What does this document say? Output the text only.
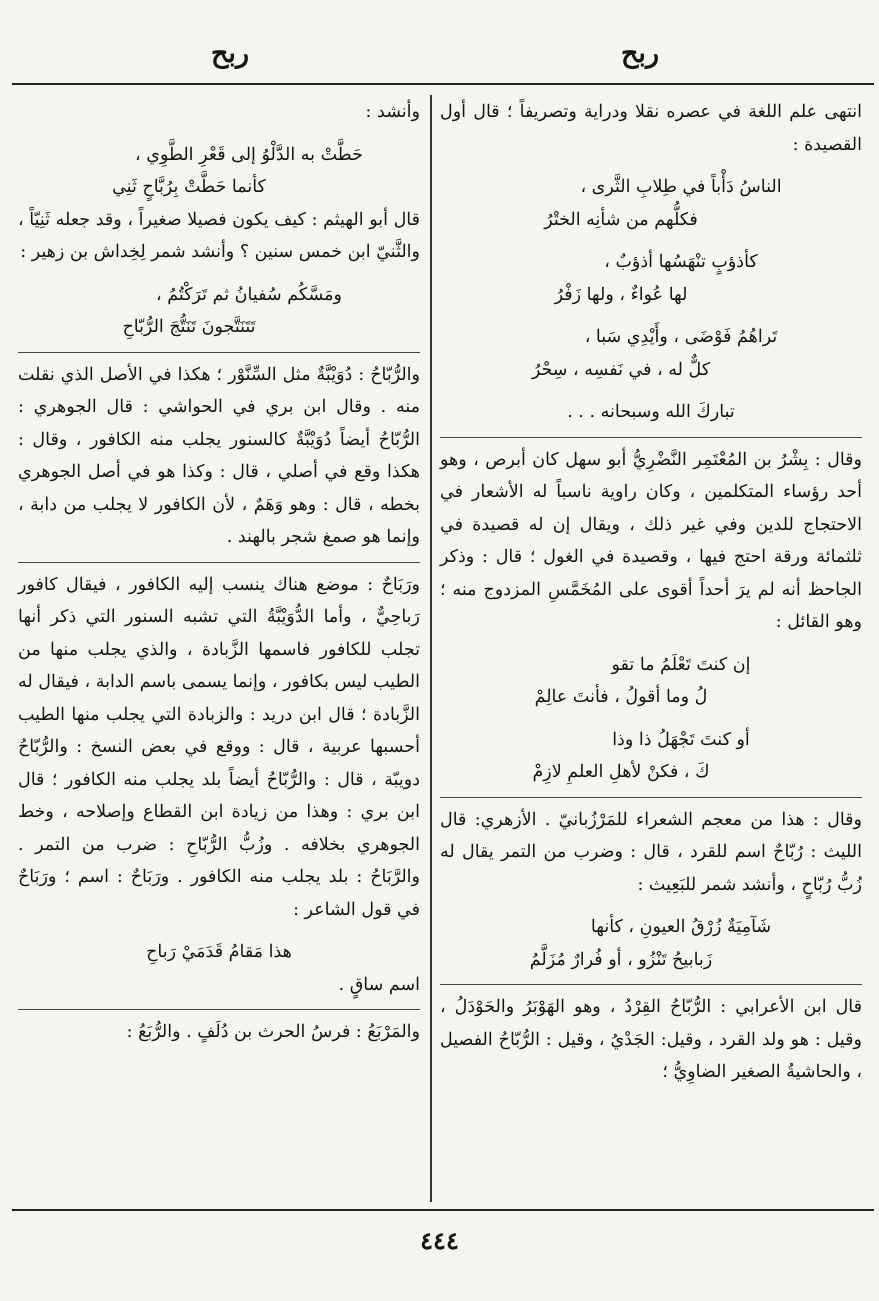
ربح
ربح

انتهى علم اللغة في عصره نقلا ودراية وتصريفاً ؛ قال أول القصيدة :

الناسُ دَأْباً في طِلابِ الثَّرى ،

فكلُّهم من شأنِه الختْرُ

كأذؤبٍ تنْهَسُها أذؤبٌ ،

لها عُواءٌ ، ولها زَفْرُ

تَراهُمُ فَوْضَى ، وأَيْدِي سَبا ،

كلٌّ له ، في نَفسِه ، سِحْرُ

تباركَ الله وسبحانه . . .

وقال : بِشْرُ بن المُعْتَمِر النَّضْرِيُّ أبو سهل كان أبرص ، وهو أحد رؤساء المتكلمين ، وكان راوية ناسباً له الأشعار في الاحتجاج للدين وفي غير ذلك ، ويقال إن له قصيدة في ثلثمائة ورقة احتج فيها ، وقصيدة في الغول ؛ قال : وذكر الجاحظ أنه لم يرَ أحداً أقوى على المُخَمَّسِ المزدوج منه ؛ وهو القائل :

إن كنتَ تَعْلَمُ ما تقو

لُ وما أقولُ ، فأنتَ عالِمْ

أو كنتَ تَجْهَلُ ذا وذا

كَ ، فكنْ لأهلِ العلمِ لازِمْ

وقال : هذا من معجم الشعراء للمَرْزُبانيّ . الأزهري: قال الليث : رُبّاحٌ اسم للقرد ، قال : وضرب من التمر يقال له زُبُّ رُبّاحٍ ، وأنشد شمر للبَعِيث :

شَآمِيَةٌ زُرْقُ العيونِ ، كأنها

زَبابيحُ تَنْزُو ، أو فُرارٌ مُزَلَّمُ

قال ابن الأعرابي : الرُّبّاحُ القِرْدُ ، وهو الهَوْبَرُ والحَوْدَلُ ، وقيل : هو ولد القرد ، وقيل: الجَدْيُ ، وقيل : الرُّبّاحُ الفصيل ، والحاشيةُ الصغير الضاوِيُّ ؛

وأنشد :

حَطَّتْ به الدَّلْوُ إلى قَعْرِ الطَّوِي ،

كأنما حَطَّتْ بِرُبَّاحٍ ثَنِي

قال أبو الهيثم : كيف يكون فصيلا صغيراً ، وقد جعله ثَنِيّاً ، والثَّنيّ ابن خمس سنين ؟ وأنشد شمر لِخِداش بن زهير :

ومَسَّكُم سُفيانُ ثم تَرَكْتُمُ ،

تَتَنَتَّجونَ تَنَتُّجَ الرُّبّاحِ

والرُّبّاحُ : دُوَيْبَّةٌ مثل السِّنَّوْر ؛ هكذا في الأصل الذي نقلت منه . وقال ابن بري في الحواشي : قال الجوهري : الرُّبّاحُ أيضاً دُوَيْبَّةٌ كالسنور يجلب منه الكافور ، وقال : هكذا وقع في أصلي ، قال : وكذا هو في أصل الجوهري بخطه ، قال : وهو وَهَمٌ ، لأن الكافور لا يجلب من دابة ، وإنما هو صمغ شجر بالهند .

ورَبَاحٌ : موضع هناك ينسب إليه الكافور ، فيقال كافور رَباحِيٌّ ، وأما الدُّوَيْبَّةُ التي تشبه السنور التي ذكر أنها تجلب للكافور فاسمها الزَّبادة ، والذي يجلب منها من الطيب ليس بكافور ، وإنما يسمى باسم الدابة ، فيقال له الزَّبادة ؛ قال ابن دريد : والزبادة التي يجلب منها الطيب أحسبها عربية ، قال : ووقع في بعض النسخ : والرُّبّاحُ دويبّة ، قال : والرُّبّاحُ أيضاً بلد يجلب منه الكافور ؛ قال ابن بري : وهذا من زيادة ابن القطاع وإصلاحه ، وخط الجوهري بخلافه . وزُبُّ الرُّبّاحِ : ضرب من التمر . والرَّبَاحُ : بلد يجلب منه الكافور . ورَبَاحٌ : اسم ؛ ورَبَاحٌ في قول الشاعر :

هذا مَقامُ قَدَمَيْ رَباحِ

اسم ساقٍ .

والمَرْبَعُ : فرسُ الحرث بن دُلَفٍ . والرُّبَعُ :

٤٤٤
